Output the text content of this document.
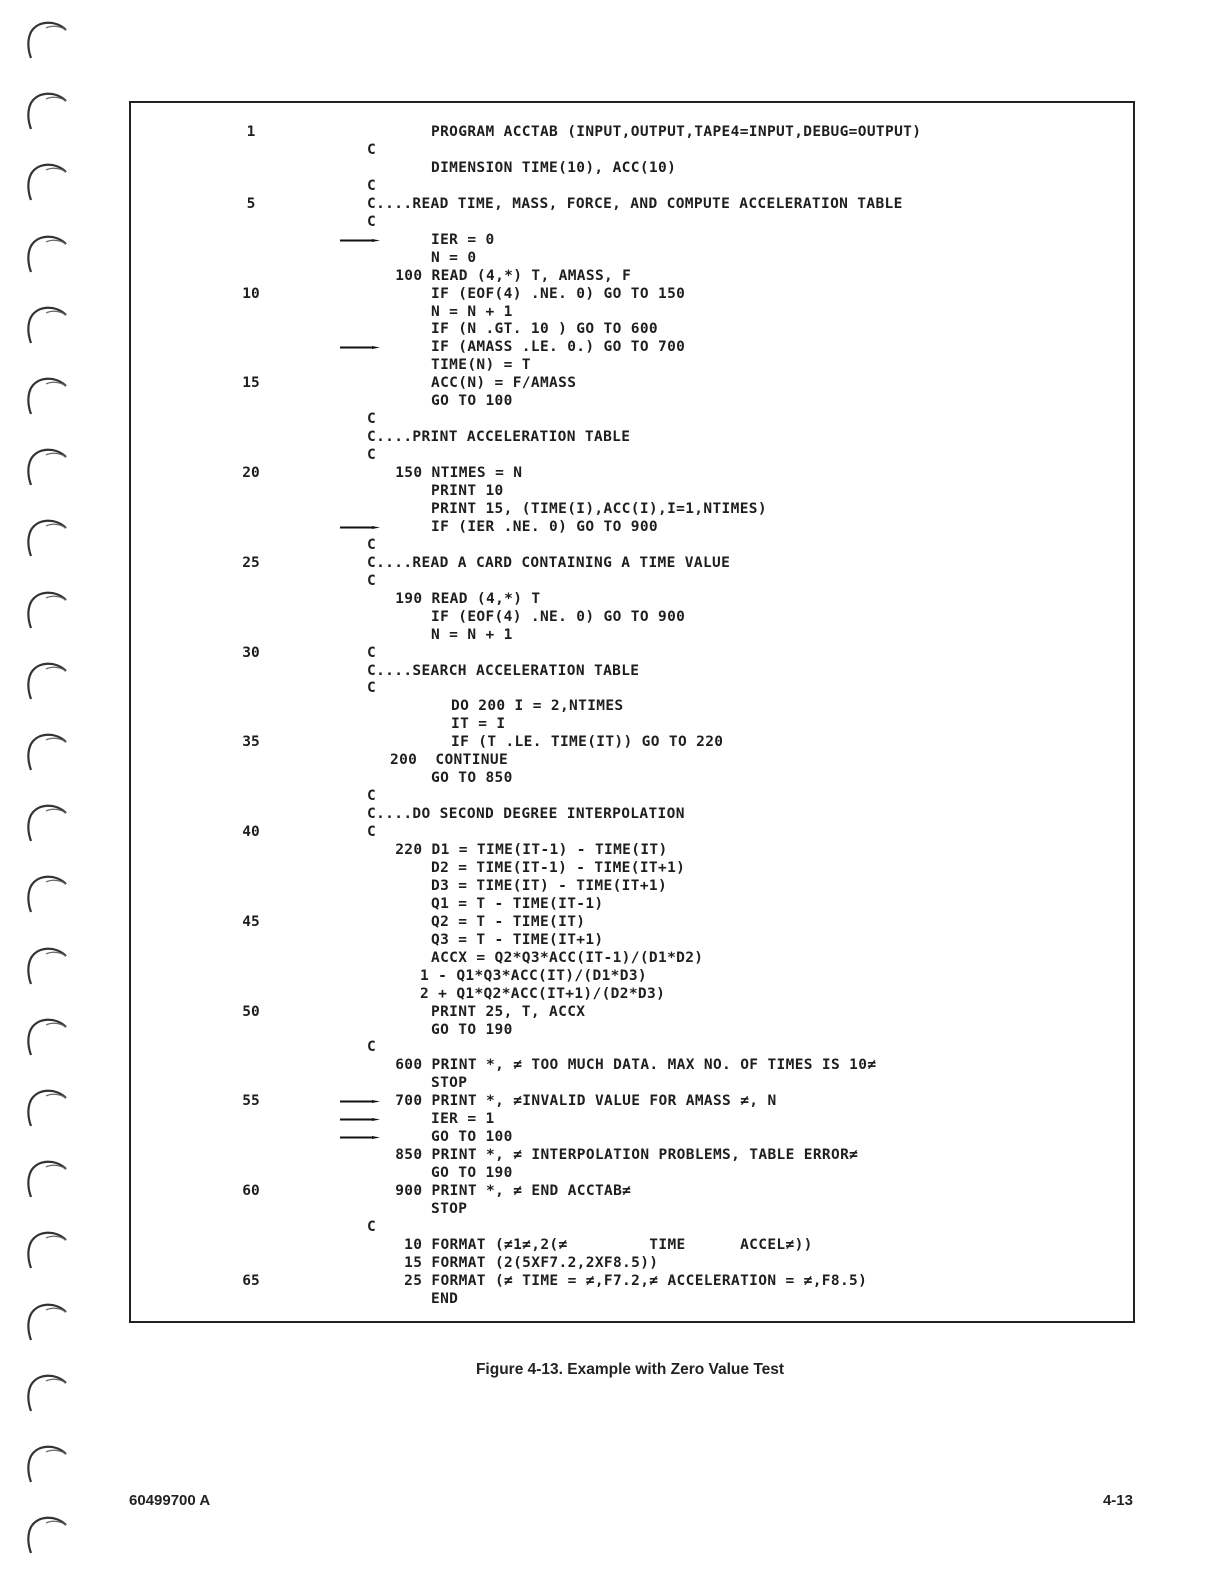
1	PROGRAM ACCTAB (INPUT,OUTPUT,TAPE4=INPUT,DEBUG=OUTPUT)
C
DIMENSION TIME(10), ACC(10)
C
5	C....READ TIME, MASS, FORCE, AND COMPUTE ACCELERATION TABLE
C
IER = 0
N = 0
100 READ (4,*) T, AMASS, F
10	IF (EOF(4) .NE. 0) GO TO 150
N = N + 1
IF (N .GT. 10 ) GO TO 600
IF (AMASS .LE. 0.) GO TO 700
TIME(N) = T
15	ACC(N) = F/AMASS
GO TO 100
C
C....PRINT ACCELERATION TABLE
C
20	150 NTIMES = N
PRINT 10
PRINT 15, (TIME(I),ACC(I),I=1,NTIMES)
IF (IER .NE. 0) GO TO 900
C
25	C....READ A CARD CONTAINING A TIME VALUE
C
190 READ (4,*) T
IF (EOF(4) .NE. 0) GO TO 900
N = N + 1
30	C
C....SEARCH ACCELERATION TABLE
C
DO 200 I = 2,NTIMES
IT = I
35	IF (T .LE. TIME(IT)) GO TO 220
200  CONTINUE
GO TO 850
C
C....DO SECOND DEGREE INTERPOLATION
40	C
220 D1 = TIME(IT-1) - TIME(IT)
D2 = TIME(IT-1) - TIME(IT+1)
D3 = TIME(IT) - TIME(IT+1)
Q1 = T - TIME(IT-1)
45	Q2 = T - TIME(IT)
Q3 = T - TIME(IT+1)
ACCX = Q2*Q3*ACC(IT-1)/(D1*D2)
1 - Q1*Q3*ACC(IT)/(D1*D3)
2 + Q1*Q2*ACC(IT+1)/(D2*D3)
50	PRINT 25, T, ACCX
GO TO 190
C
600 PRINT *, ≠ TOO MUCH DATA. MAX NO. OF TIMES IS 10≠
STOP
55	700 PRINT *, ≠INVALID VALUE FOR AMASS ≠, N
IER = 1
GO TO 100
850 PRINT *, ≠ INTERPOLATION PROBLEMS, TABLE ERROR≠
GO TO 190
60	900 PRINT *, ≠ END ACCTAB≠
STOP
C
10 FORMAT (≠1≠,2(≠         TIME      ACCEL≠))
15 FORMAT (2(5XF7.2,2XF8.5))
65	25 FORMAT (≠ TIME = ≠,F7.2,≠ ACCELERATION = ≠,F8.5)
END
Figure 4-13. Example with Zero Value Test
60499700 A	4-13
